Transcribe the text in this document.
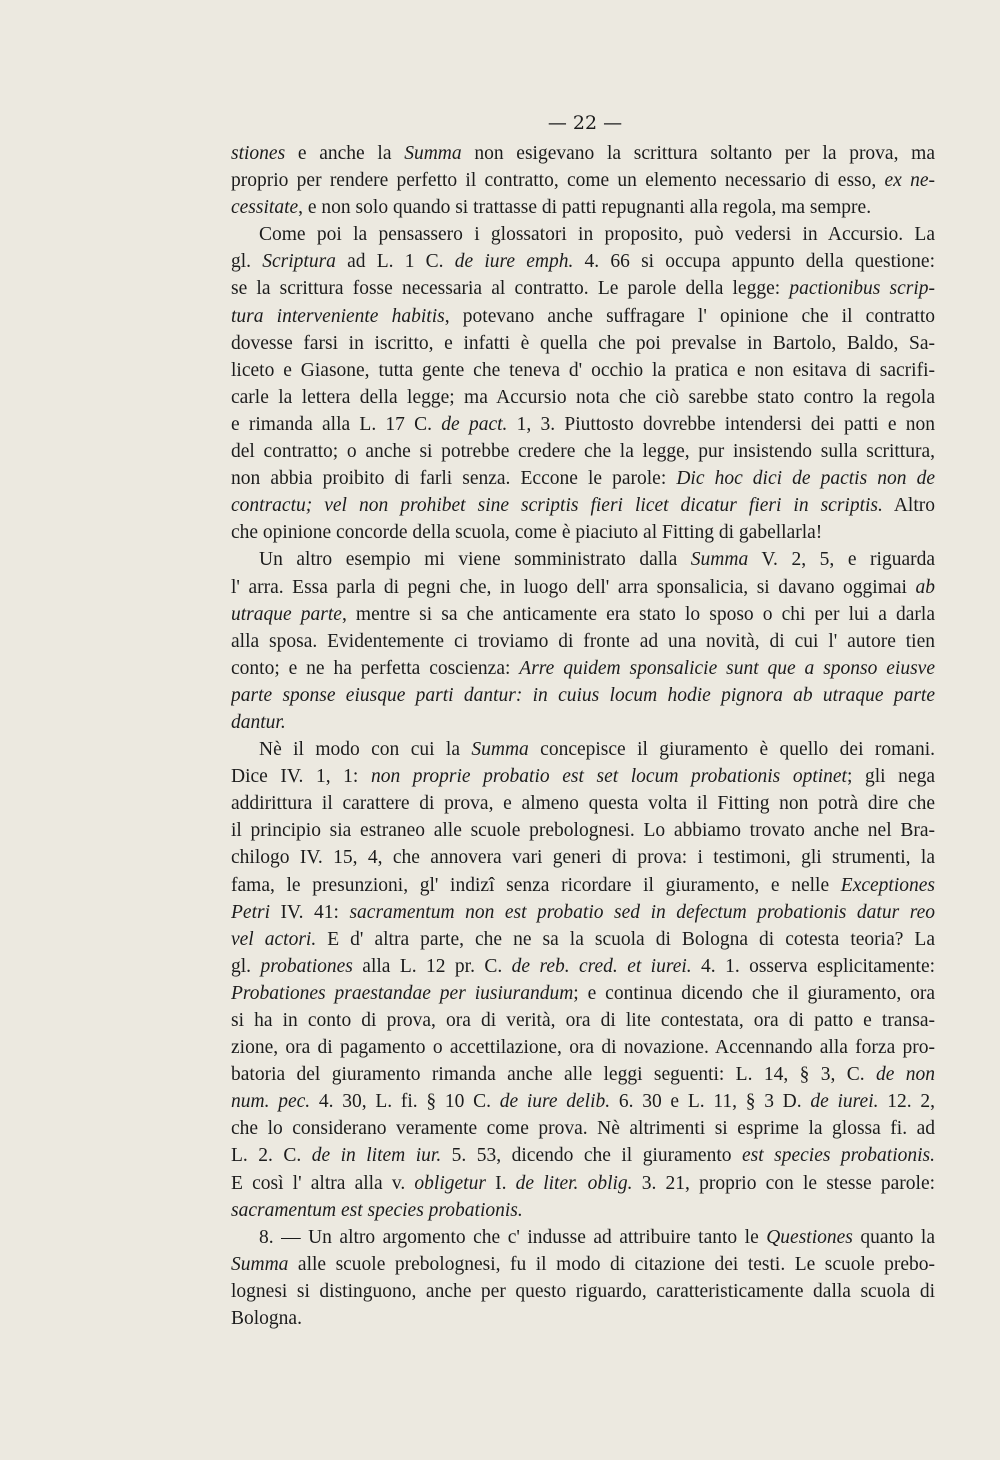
— 22 —
stiones e anche la Summa non esigevano la scrittura soltanto per la prova, ma
proprio per rendere perfetto il contratto, come un elemento necessario di esso, ex ne-
cessitate, e non solo quando si trattasse di patti repugnanti alla regola, ma sempre.
Come poi la pensassero i glossatori in proposito, può vedersi in Accursio. La
gl. Scriptura ad L. 1 C. de iure emph. 4. 66 si occupa appunto della questione:
se la scrittura fosse necessaria al contratto. Le parole della legge: pactionibus scrip-
tura interveniente habitis, potevano anche suffragare l' opinione che il contratto
dovesse farsi in iscritto, e infatti è quella che poi prevalse in Bartolo, Baldo, Sa-
liceto e Giasone, tutta gente che teneva d' occhio la pratica e non esitava di sacrifi-
carle la lettera della legge; ma Accursio nota che ciò sarebbe stato contro la regola
e rimanda alla L. 17 C. de pact. 1, 3. Piuttosto dovrebbe intendersi dei patti e non
del contratto; o anche si potrebbe credere che la legge, pur insistendo sulla scrittura,
non abbia proibito di farli senza. Eccone le parole: Dic hoc dici de pactis non de
contractu; vel non prohibet sine scriptis fieri licet dicatur fieri in scriptis. Altro
che opinione concorde della scuola, come è piaciuto al Fitting di gabellarla!
Un altro esempio mi viene somministrato dalla Summa V. 2, 5, e riguarda
l' arra. Essa parla di pegni che, in luogo dell' arra sponsalicia, si davano oggimai ab
utraque parte, mentre si sa che anticamente era stato lo sposo o chi per lui a darla
alla sposa. Evidentemente ci troviamo di fronte ad una novità, di cui l' autore tien
conto; e ne ha perfetta coscienza: Arre quidem sponsalicie sunt que a sponso eiusve
parte sponse eiusque parti dantur: in cuius locum hodie pignora ab utraque parte
dantur.
Nè il modo con cui la Summa concepisce il giuramento è quello dei romani.
Dice IV. 1, 1: non proprie probatio est set locum probationis optinet; gli nega
addirittura il carattere di prova, e almeno questa volta il Fitting non potrà dire che
il principio sia estraneo alle scuole prebolognesi. Lo abbiamo trovato anche nel Bra-
chilogo IV. 15, 4, che annovera vari generi di prova: i testimoni, gli strumenti, la
fama, le presunzioni, gl' indizî senza ricordare il giuramento, e nelle Exceptiones
Petri IV. 41: sacramentum non est probatio sed in defectum probationis datur reo
vel actori. E d' altra parte, che ne sa la scuola di Bologna di cotesta teoria? La
gl. probationes alla L. 12 pr. C. de reb. cred. et iurei. 4. 1. osserva esplicitamente:
Probationes praestandae per iusiurandum; e continua dicendo che il giuramento, ora
si ha in conto di prova, ora di verità, ora di lite contestata, ora di patto e transa-
zione, ora di pagamento o accettilazione, ora di novazione. Accennando alla forza pro-
batoria del giuramento rimanda anche alle leggi seguenti: L. 14, § 3, C. de non
num. pec. 4. 30, L. fi. § 10 C. de iure delib. 6. 30 e L. 11, § 3 D. de iurei. 12. 2,
che lo considerano veramente come prova. Nè altrimenti si esprime la glossa fi. ad
L. 2. C. de in litem iur. 5. 53, dicendo che il giuramento est species probationis.
E così l' altra alla v. obligetur I. de liter. oblig. 3. 21, proprio con le stesse parole:
sacramentum est species probationis.
8. — Un altro argomento che c' indusse ad attribuire tanto le Questiones quanto la
Summa alle scuole prebolognesi, fu il modo di citazione dei testi. Le scuole prebo-
lognesi si distinguono, anche per questo riguardo, caratteristicamente dalla scuola di
Bologna.
